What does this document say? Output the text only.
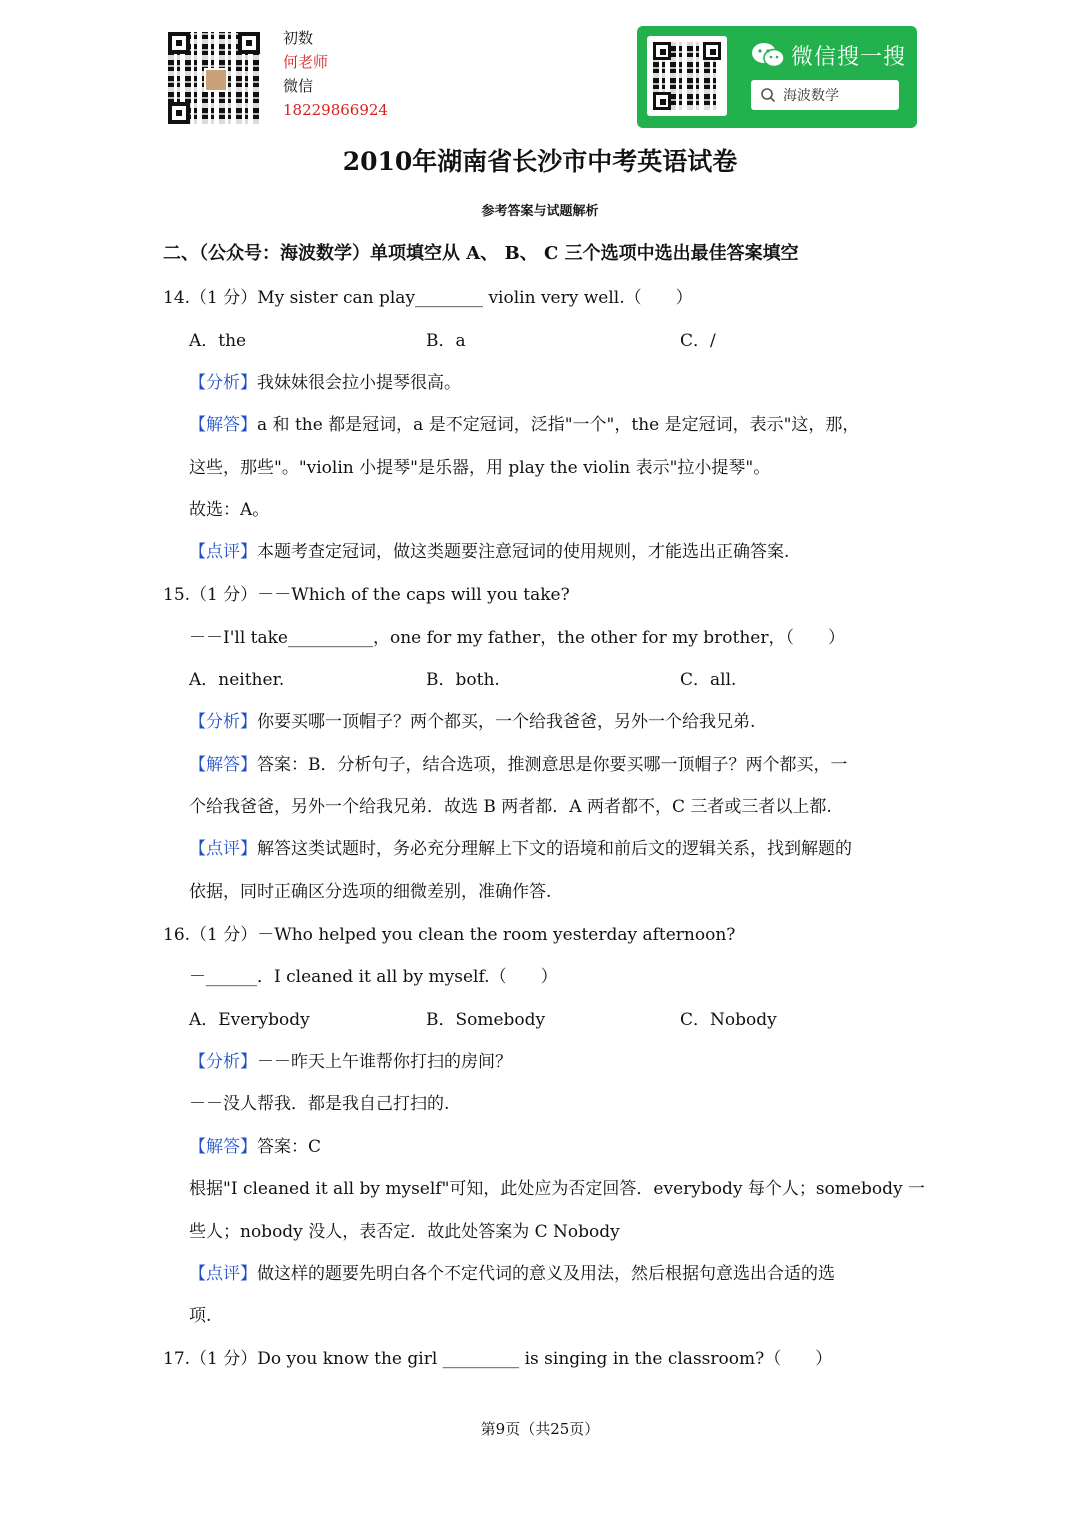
初数
何老师
微信
18229866924
微信搜一搜
海波数学
2010年湖南省长沙市中考英语试卷
参考答案与试题解析
二、（公众号：海波数学）单项填空从 A、 B、 C 三个选项中选出最佳答案填空
14.（1 分）My sister can play________ violin very well.（　　）
A．the	B．a	C．/
【分析】我妹妹很会拉小提琴很高。
【解答】a 和 the 都是冠词，a 是不定冠词，泛指"一个"，the 是定冠词，表示"这，那，
这些，那些"。"violin 小提琴"是乐器，用 play the violin 表示"拉小提琴"。
故选：A。
【点评】本题考查定冠词，做这类题要注意冠词的使用规则，才能选出正确答案.
15.（1 分）－－Which of the caps will you take?
－－I'll take__________，one for my father，the other for my brother，（　　）
A．neither.	B．both.	C．all.
【分析】你要买哪一顶帽子？两个都买，一个给我爸爸，另外一个给我兄弟.
【解答】答案：B．分析句子，结合选项，推测意思是你要买哪一顶帽子？两个都买，一
个给我爸爸，另外一个给我兄弟．故选 B 两者都．A 两者都不，C 三者或三者以上都.
【点评】解答这类试题时，务必充分理解上下文的语境和前后文的逻辑关系，找到解题的
依据，同时正确区分选项的细微差别，准确作答.
16.（1 分）－Who helped you clean the room yesterday afternoon?
－______．I cleaned it all by myself.（　　）
A．Everybody	B．Somebody	C．Nobody
【分析】－－昨天上午谁帮你打扫的房间？
－－没人帮我．都是我自己打扫的.
【解答】答案：C
根据"I cleaned it all by myself"可知，此处应为否定回答．everybody 每个人；somebody 一
些人；nobody 没人，表否定．故此处答案为 C Nobody
【点评】做这样的题要先明白各个不定代词的意义及用法，然后根据句意选出合适的选
项.
17.（1 分）Do you know the girl _________ is singing in the classroom?（　　）
第9页（共25页）
